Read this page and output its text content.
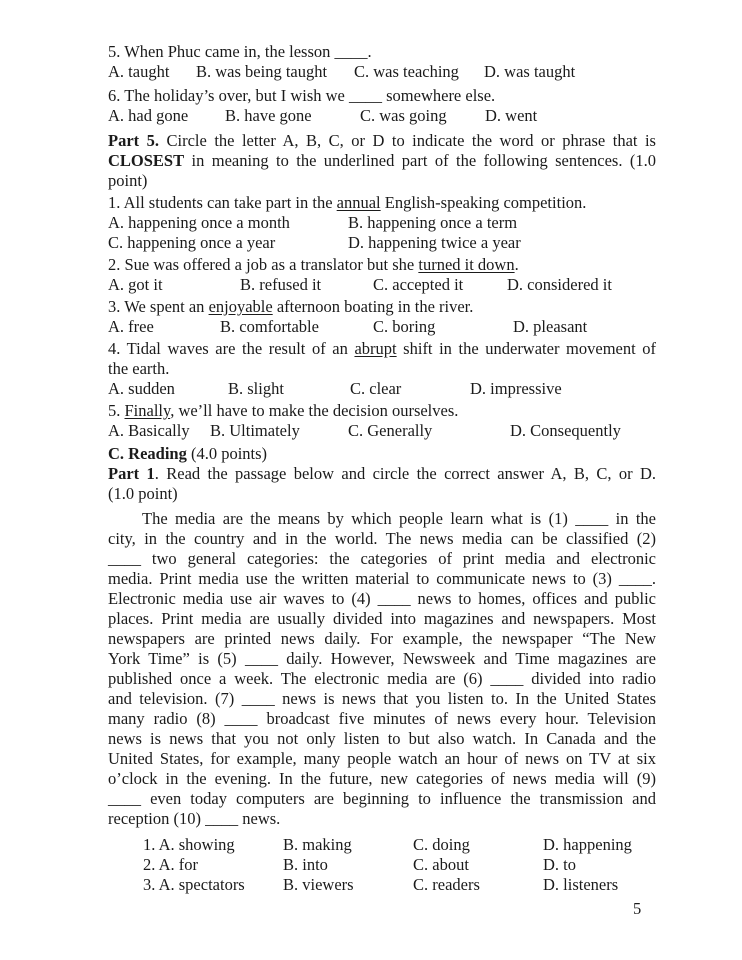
5. When Phuc came in, the lesson ____.

A. taught	B. was being taught	C. was teaching	D. was taught

6. The holiday’s over, but I wish we ____ somewhere else.

A. had gone	B. have gone	C. was going	D. went

Part 5. Circle the letter A, B, C, or D to indicate the word or phrase that is

CLOSEST in meaning to the underlined part of the following sentences. (1.0

point)

1. All students can take part in the annual English-speaking competition.

A. happening once a month	B. happening once a term
C. happening once a year	D. happening twice a year

2. Sue was offered a job as a translator but she turned it down.

A. got it	B. refused it	C. accepted it	D. considered it

3. We spent an enjoyable afternoon boating in the river.

A. free	B. comfortable	C. boring	D. pleasant

4. Tidal waves are the result of an abrupt shift in the underwater movement of

the earth.

A. sudden	B. slight	C. clear	D. impressive

5. Finally, we’ll have to make the decision ourselves.

A. Basically	B. Ultimately	C. Generally	D. Consequently

C. Reading (4.0 points)

Part 1. Read the passage below and circle the correct answer A, B, C, or D.

(1.0 point)

The media are the means by which people learn what is (1) ____ in the

city, in the country and in the world. The news media can be classified (2)

____ two general categories: the categories of print media and electronic

media. Print media use the written material to communicate news to (3) ____.

Electronic media use air waves to (4) ____ news to homes, offices and public

places. Print media are usually divided into magazines and newspapers. Most

newspapers are printed news daily. For example, the newspaper “The New

York Time” is (5) ____ daily. However, Newsweek and Time magazines are

published once a week. The electronic media are (6) ____ divided into radio

and television. (7) ____ news is news that you listen to. In the United States

many radio (8) ____ broadcast five minutes of news every hour. Television

news is news that you not only listen to but also watch. In Canada and the

United States, for example, many people watch an hour of news on TV at six

o’clock in the evening. In the future, new categories of news media will (9)

____ even today computers are beginning to influence the transmission and

reception (10) ____ news.

1. A. showing	B. making	C. doing	D. happening
2. A. for	B. into	C. about	D. to
3. A. spectators	B. viewers	C. readers	D. listeners
5
